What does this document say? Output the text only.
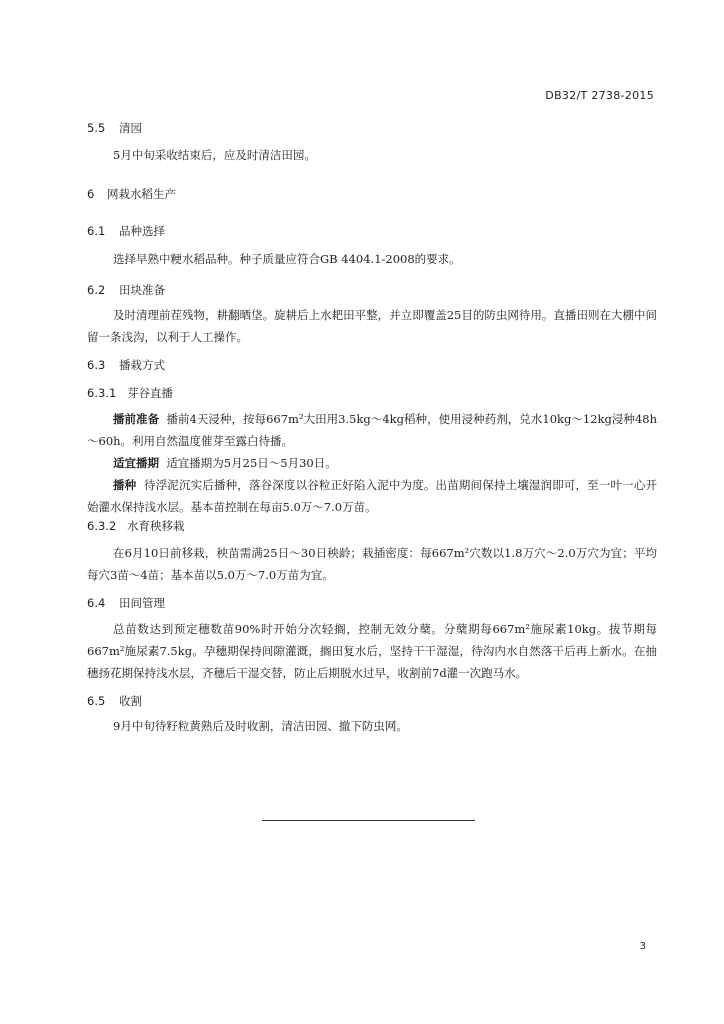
DB32/T 2738-2015
5.5 清园
5月中旬采收结束后，应及时清洁田园。
6 网栽水稻生产
6.1 品种选择
选择早熟中粳水稻品种。种子质量应符合GB 4404.1-2008的要求。
6.2 田块准备
及时清理前茬残物，耕翻晒垡。旋耕后上水耙田平整，并立即覆盖25目的防虫网待用。直播田则在大棚中间留一条浅沟，以利于人工操作。
6.3 播栽方式
6.3.1 芽谷直播
播前准备 播前4天浸种，按每667m²大田用3.5kg～4kg稻种，使用浸种药剂，兑水10kg～12kg浸种48h～60h。利用自然温度催芽至露白待播。
适宜播期 适宜播期为5月25日～5月30日。
播种 待浮泥沉实后播种，落谷深度以谷粒正好陷入泥中为度。出苗期间保持土壤湿润即可，至一叶一心开始灌水保持浅水层。基本苗控制在每亩5.0万～7.0万苗。
6.3.2 水育秧移栽
在6月10日前移栽，秧苗需满25日～30日秧龄；栽插密度：每667m²穴数以1.8万穴～2.0万穴为宜；平均每穴3苗～4苗；基本苗以5.0万～7.0万苗为宜。
6.4 田间管理
总苗数达到预定穗数苗90%时开始分次轻搁，控制无效分蘖。分蘖期每667m²施尿素10kg。拔节期每667m²施尿素7.5kg。孕穗期保持间隙灌溉，搁田复水后，坚持干干湿湿，待沟内水自然落干后再上新水。在抽穗扬花期保持浅水层，齐穗后干湿交替，防止后期脱水过早，收割前7d灌一次跑马水。
6.5 收割
9月中旬待籽粒黄熟后及时收割，清洁田园、撤下防虫网。
3
